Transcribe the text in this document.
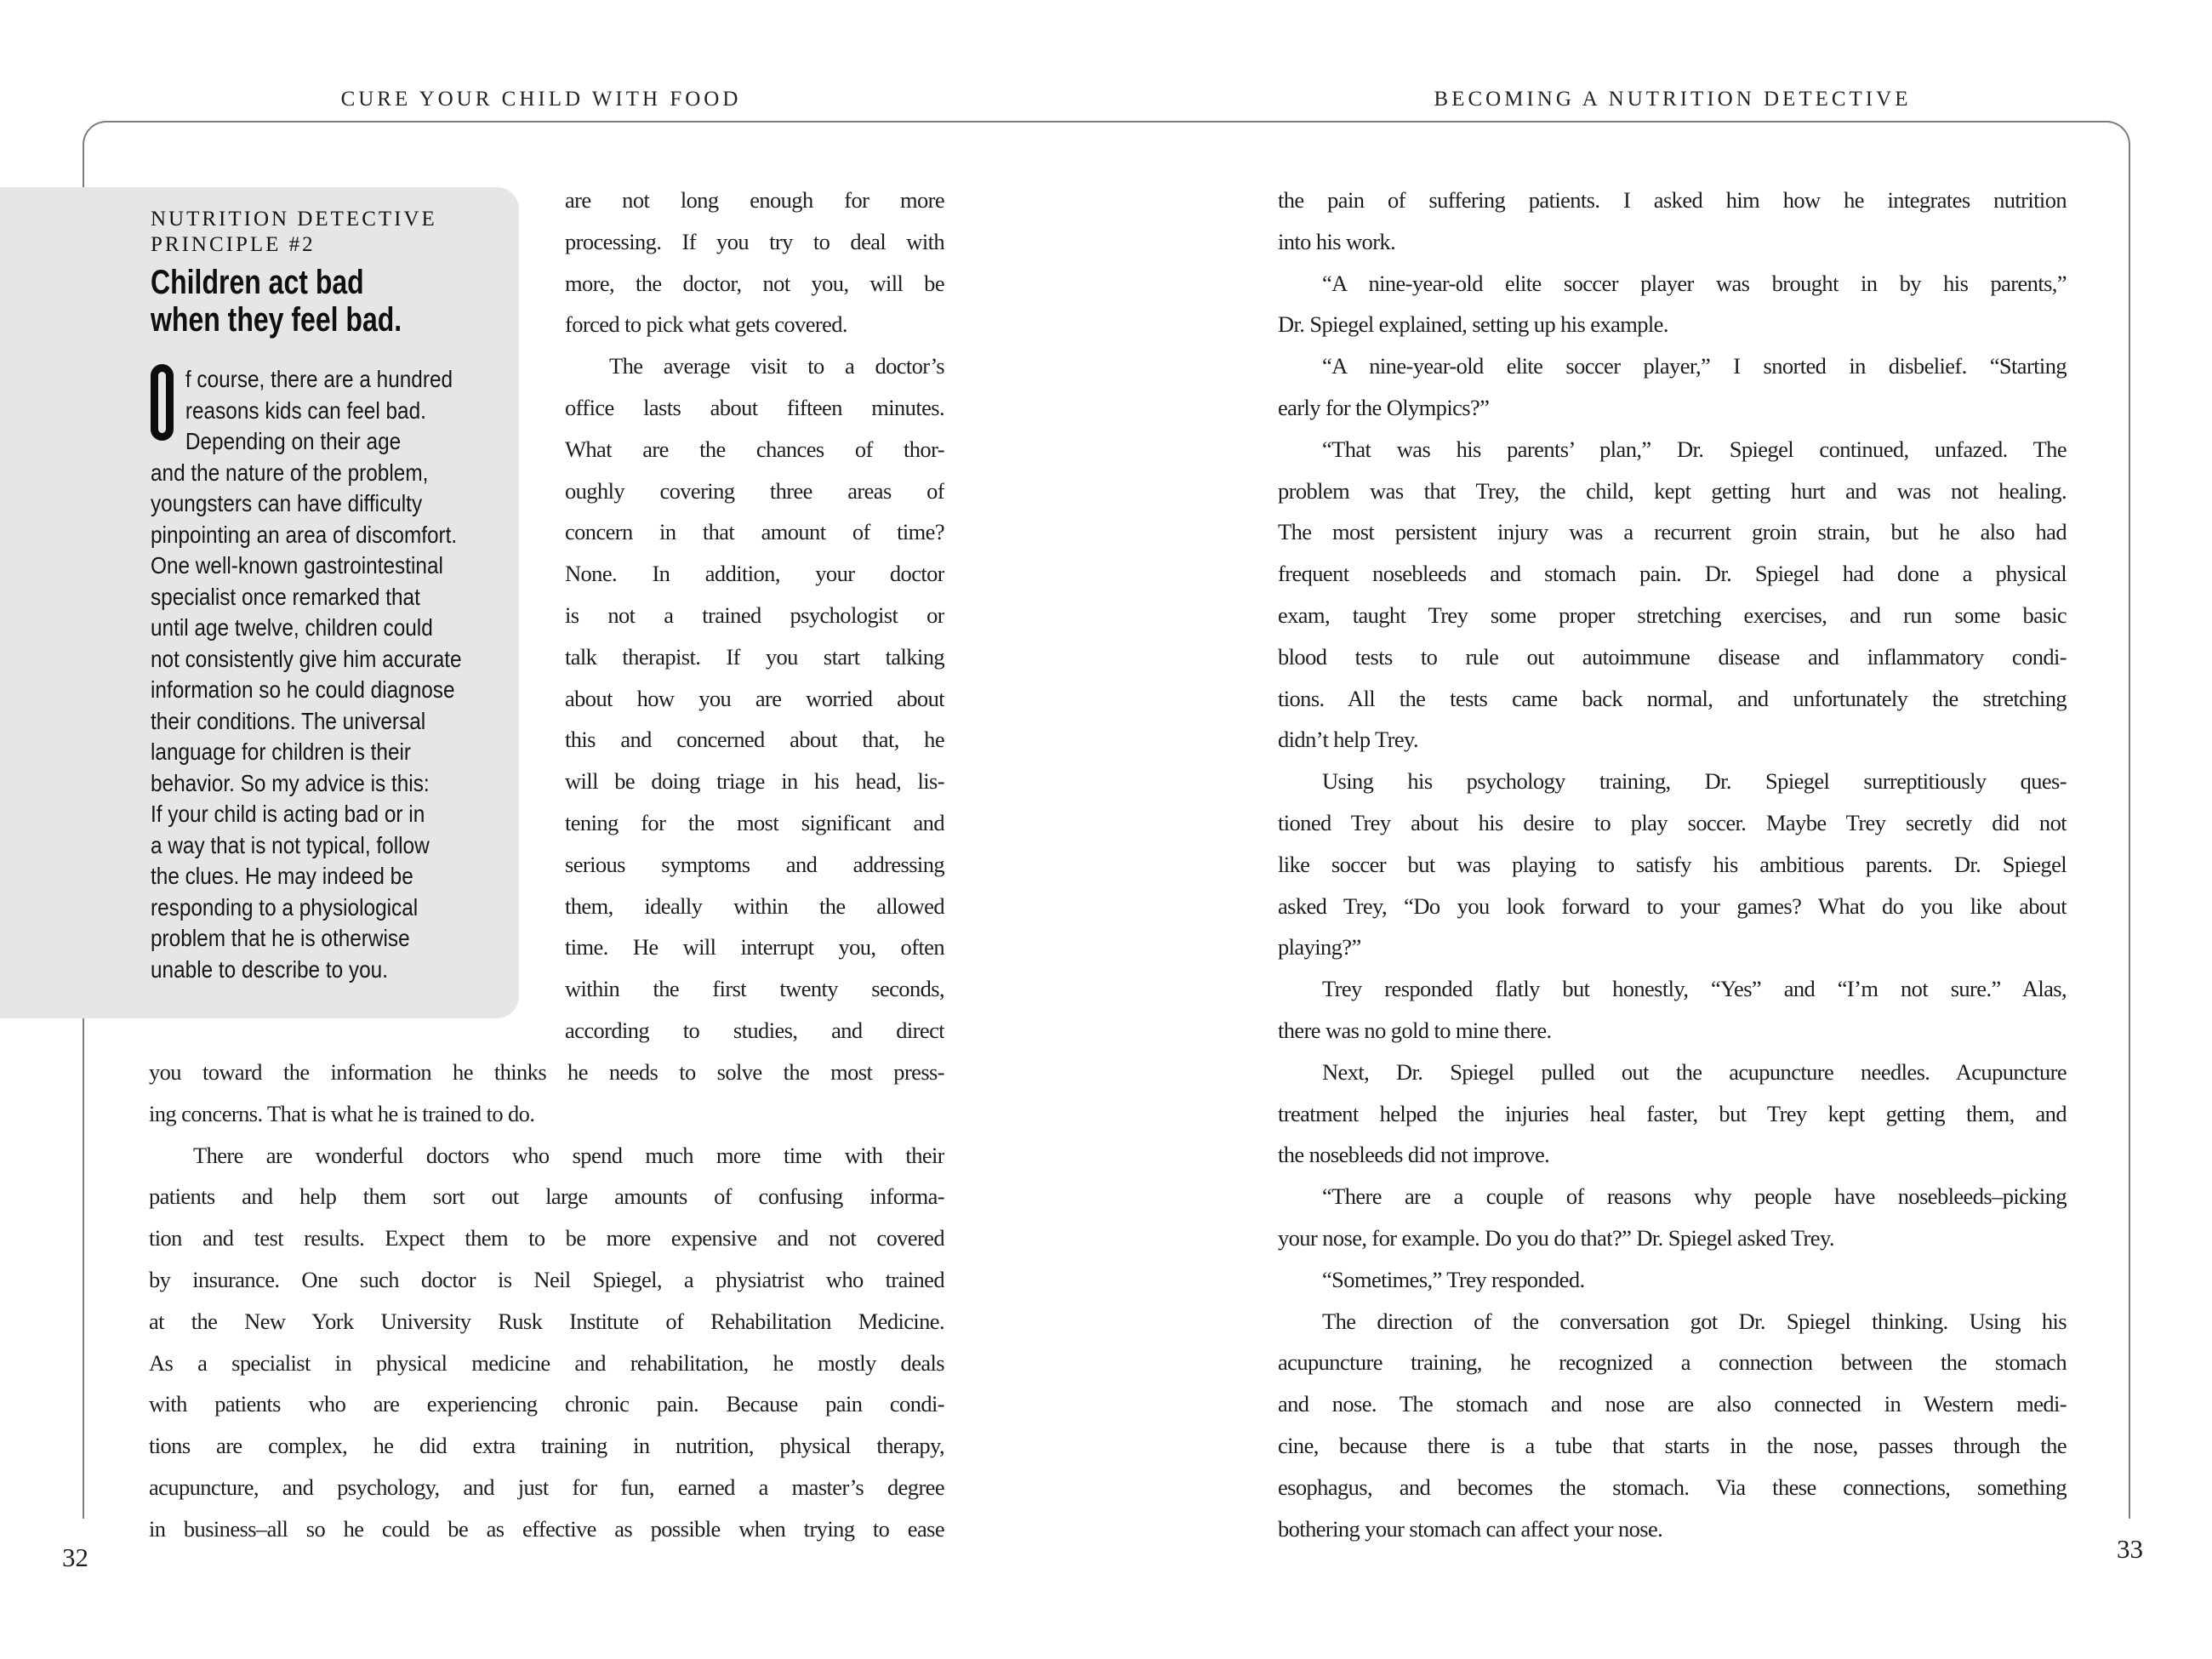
CURE YOUR CHILD WITH FOOD	BECOMING A NUTRITION DETECTIVE
NUTRITION DETECTIVE
PRINCIPLE #2
Children act bad
when they feel bad.
f course, there are a hundred
reasons kids can feel bad.
Depending on their age
and the nature of the problem,
youngsters can have difficulty
pinpointing an area of discomfort.
One well-known gastrointestinal
specialist once remarked that
until age twelve, children could
not consistently give him accurate
information so he could diagnose
their conditions. The universal
language for children is their
behavior. So my advice is this:
If your child is acting bad or in
a way that is not typical, follow
the clues. He may indeed be
responding to a physiological
problem that he is otherwise
unable to describe to you.
are not long enough for more
processing. If you try to deal with
more, the doctor, not you, will be
forced to pick what gets covered.
The average visit to a doctor’s
office lasts about fifteen minutes.
What are the chances of thor-
oughly covering three areas of
concern in that amount of time?
None. In addition, your doctor
is not a trained psychologist or
talk therapist. If you start talking
about how you are worried about
this and concerned about that, he
will be doing triage in his head, lis-
tening for the most significant and
serious symptoms and addressing
them, ideally within the allowed
time. He will interrupt you, often
within the first twenty seconds,
according to studies, and direct
you toward the information he thinks he needs to solve the most press-
ing concerns. That is what he is trained to do.
There are wonderful doctors who spend much more time with their
patients and help them sort out large amounts of confusing informa-
tion and test results. Expect them to be more expensive and not covered
by insurance. One such doctor is Neil Spiegel, a physiatrist who trained
at the New York University Rusk Institute of Rehabilitation Medicine.
As a specialist in physical medicine and rehabilitation, he mostly deals
with patients who are experiencing chronic pain. Because pain condi-
tions are complex, he did extra training in nutrition, physical therapy,
acupuncture, and psychology, and just for fun, earned a master’s degree
in business–all so he could be as effective as possible when trying to ease
the pain of suffering patients. I asked him how he integrates nutrition
into his work.
“A nine-year-old elite soccer player was brought in by his parents,”
Dr. Spiegel explained, setting up his example.
“A nine-year-old elite soccer player,” I snorted in disbelief. “Starting
early for the Olympics?”
“That was his parents’ plan,” Dr. Spiegel continued, unfazed. The
problem was that Trey, the child, kept getting hurt and was not healing.
The most persistent injury was a recurrent groin strain, but he also had
frequent nosebleeds and stomach pain. Dr. Spiegel had done a physical
exam, taught Trey some proper stretching exercises, and run some basic
blood tests to rule out autoimmune disease and inflammatory condi-
tions. All the tests came back normal, and unfortunately the stretching
didn’t help Trey.
Using his psychology training, Dr. Spiegel surreptitiously ques-
tioned Trey about his desire to play soccer. Maybe Trey secretly did not
like soccer but was playing to satisfy his ambitious parents. Dr. Spiegel
asked Trey, “Do you look forward to your games? What do you like about
playing?”
Trey responded flatly but honestly, “Yes” and “I’m not sure.” Alas,
there was no gold to mine there.
Next, Dr. Spiegel pulled out the acupuncture needles. Acupuncture
treatment helped the injuries heal faster, but Trey kept getting them, and
the nosebleeds did not improve.
“There are a couple of reasons why people have nosebleeds–picking
your nose, for example. Do you do that?” Dr. Spiegel asked Trey.
“Sometimes,” Trey responded.
The direction of the conversation got Dr. Spiegel thinking. Using his
acupuncture training, he recognized a connection between the stomach
and nose. The stomach and nose are also connected in Western medi-
cine, because there is a tube that starts in the nose, passes through the
esophagus, and becomes the stomach. Via these connections, something
bothering your stomach can affect your nose.
32	33
